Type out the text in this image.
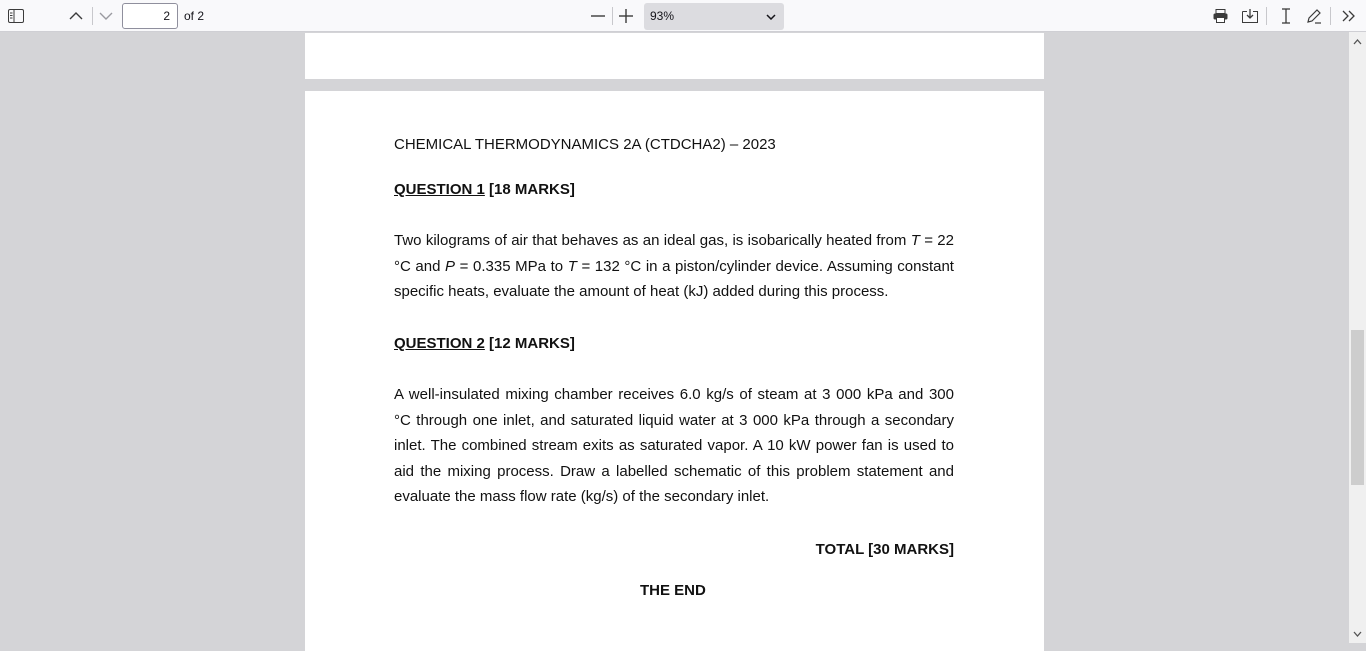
2	of 2	93%
CHEMICAL THERMODYNAMICS 2A (CTDCHA2) – 2023
QUESTION 1 [18 MARKS]
Two kilograms of air that behaves as an ideal gas, is isobarically heated from T = 22 °C and P = 0.335 MPa to T = 132 °C in a piston/cylinder device. Assuming constant specific heats, evaluate the amount of heat (kJ) added during this process.
QUESTION 2 [12 MARKS]
A well-insulated mixing chamber receives 6.0 kg/s of steam at 3 000 kPa and 300 °C through one inlet, and saturated liquid water at 3 000 kPa through a secondary inlet. The combined stream exits as saturated vapor. A 10 kW power fan is used to aid the mixing process. Draw a labelled schematic of this problem statement and evaluate the mass flow rate (kg/s) of the secondary inlet.
TOTAL [30 MARKS]
THE END
